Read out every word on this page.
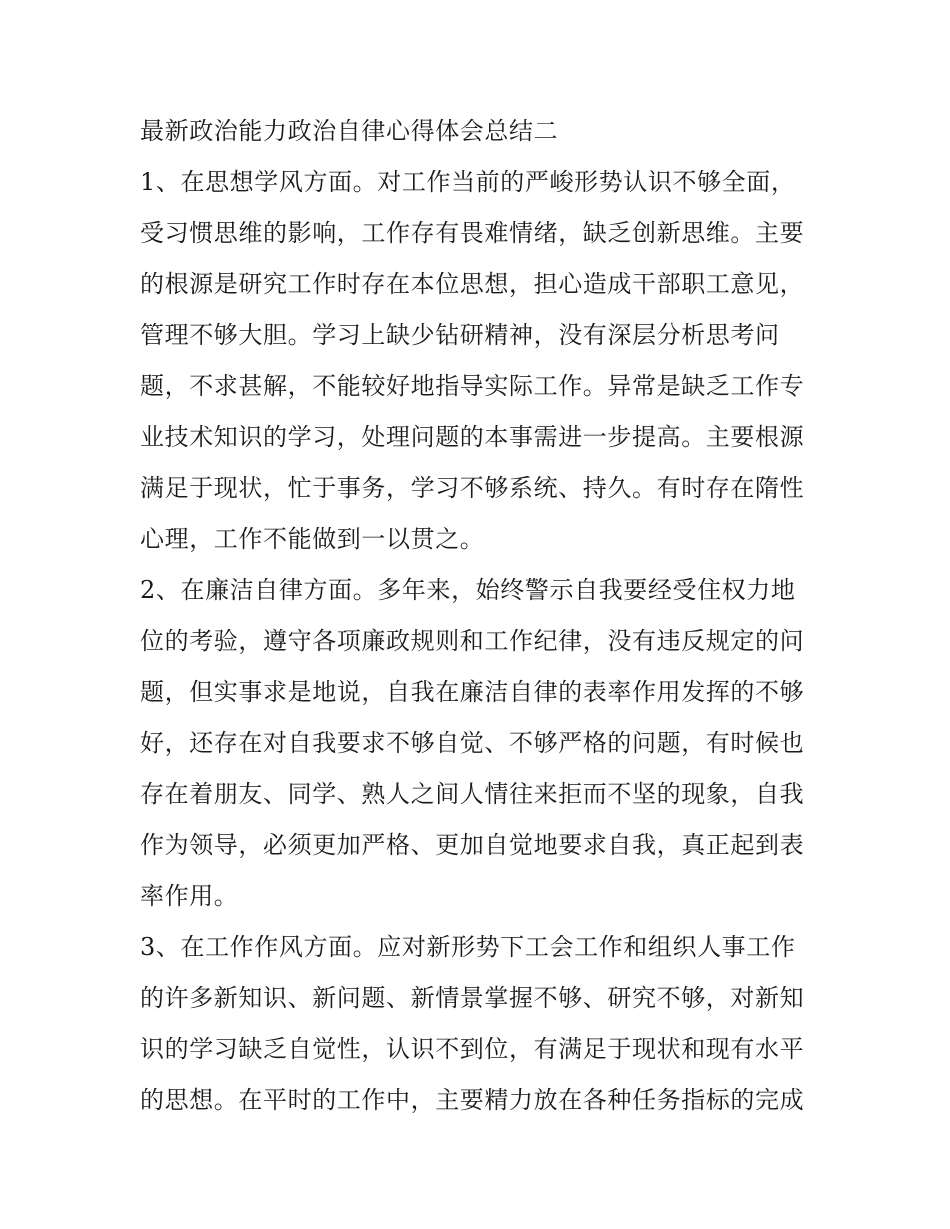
最新政治能力政治自律心得体会总结二
1、在思想学风方面。对工作当前的严峻形势认识不够全面，
受习惯思维的影响，工作存有畏难情绪，缺乏创新思维。主要
的根源是研究工作时存在本位思想，担心造成干部职工意见，
管理不够大胆。学习上缺少钻研精神，没有深层分析思考问
题，不求甚解，不能较好地指导实际工作。异常是缺乏工作专
业技术知识的学习，处理问题的本事需进一步提高。主要根源
满足于现状，忙于事务，学习不够系统、持久。有时存在隋性
心理，工作不能做到一以贯之。
2、在廉洁自律方面。多年来，始终警示自我要经受住权力地
位的考验，遵守各项廉政规则和工作纪律，没有违反规定的问
题，但实事求是地说，自我在廉洁自律的表率作用发挥的不够
好，还存在对自我要求不够自觉、不够严格的问题，有时候也
存在着朋友、同学、熟人之间人情往来拒而不坚的现象，自我
作为领导，必须更加严格、更加自觉地要求自我，真正起到表
率作用。
3、在工作作风方面。应对新形势下工会工作和组织人事工作
的许多新知识、新问题、新情景掌握不够、研究不够，对新知
识的学习缺乏自觉性，认识不到位，有满足于现状和现有水平
的思想。在平时的工作中，主要精力放在各种任务指标的完成
